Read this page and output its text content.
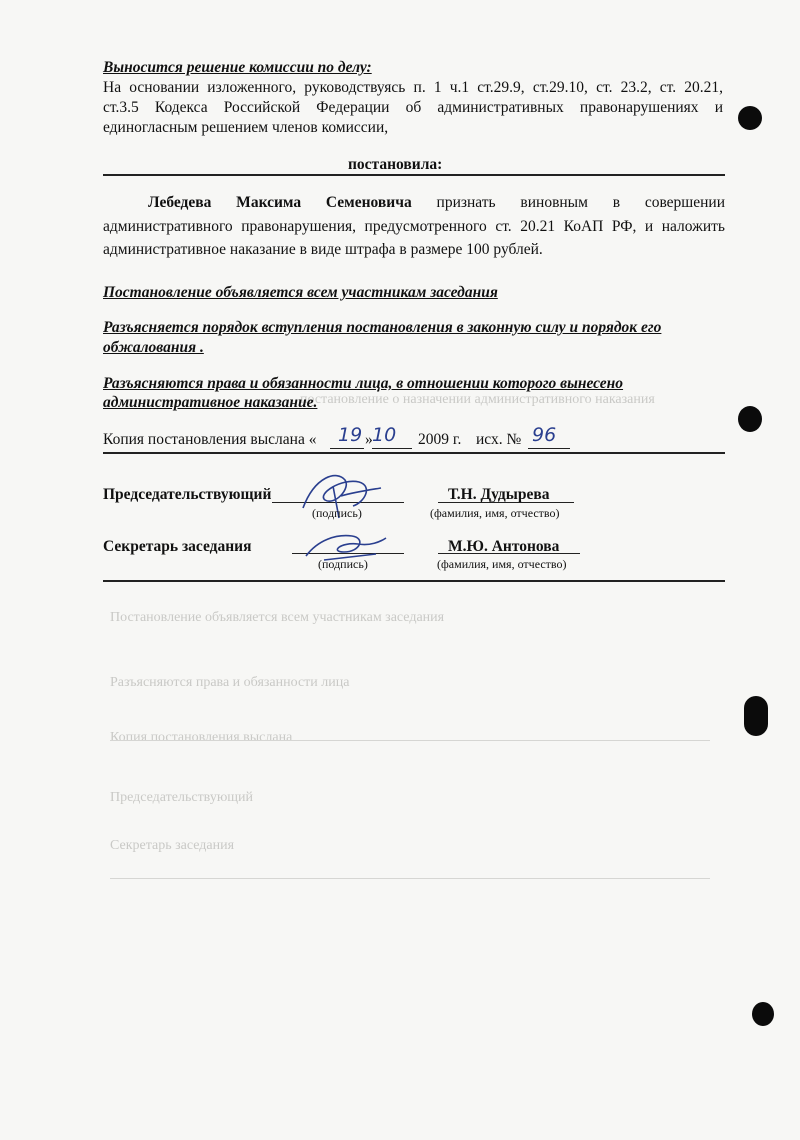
постановление о назначении административного наказания
Постановление объявляется всем участникам заседания
Разъясняются права и обязанности лица
Копия постановления выслана
Председательствующий
Секретарь заседания
Выносится решение комиссии по делу:
На основании изложенного, руководствуясь п. 1 ч.1 ст.29.9, ст.29.10, ст. 23.2, ст. 20.21,
ст.3.5 Кодекса Российской Федерации об административных правонарушениях и
единогласным решением членов комиссии,
постановила:
Лебедева Максима Семеновича признать виновным в совершении
административного правонарушения, предусмотренного ст. 20.21 КоАП РФ, и наложить
административное наказание в виде штрафа в размере 100 рублей.
Постановление объявляется всем участникам заседания
Разъясняется порядок вступления постановления в законную силу и порядок его
обжалования .
Разъясняются права и обязанности лица, в отношении которого вынесено
административное наказание.
Копия постановления выслана « 19 » 10 2009 г. исх. № 96
Председательствующий	Т.Н. Дудырева
(подпись)	(фамилия, имя, отчество)
Секретарь заседания	М.Ю. Антонова
(подпись)	(фамилия, имя, отчество)
